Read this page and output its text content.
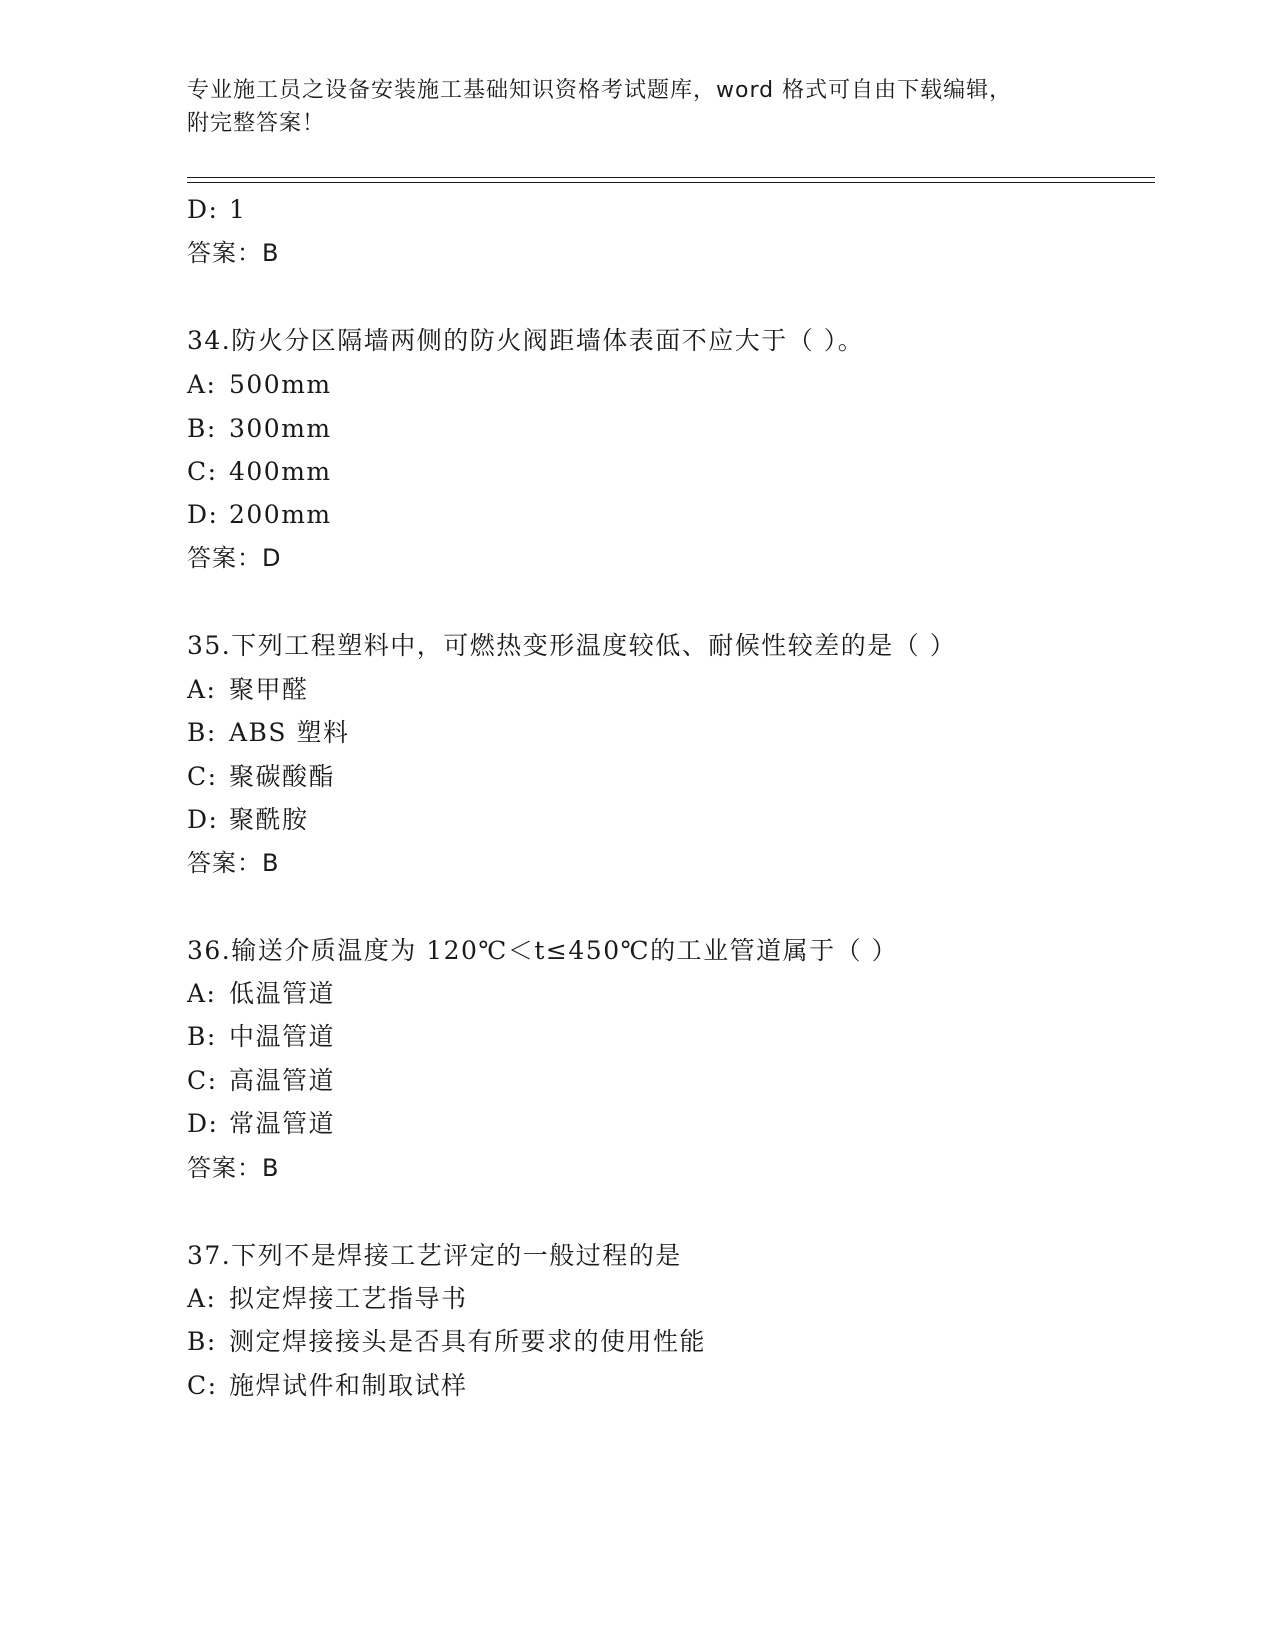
专业施工员之设备安装施工基础知识资格考试题库，word 格式可自由下载编辑，
附完整答案！
D: 1
答案：B
34.防火分区隔墙两侧的防火阀距墙体表面不应大于（ ）。
A: 500mm
B: 300mm
C: 400mm
D: 200mm
答案：D
35.下列工程塑料中，可燃热变形温度较低、耐候性较差的是（ ）
A: 聚甲醛
B: ABS 塑料
C: 聚碳酸酯
D: 聚酰胺
答案：B
36.输送介质温度为 120℃＜t≤450℃的工业管道属于（ ）
A: 低温管道
B: 中温管道
C: 高温管道
D: 常温管道
答案：B
37.下列不是焊接工艺评定的一般过程的是
A: 拟定焊接工艺指导书
B: 测定焊接接头是否具有所要求的使用性能
C: 施焊试件和制取试样
